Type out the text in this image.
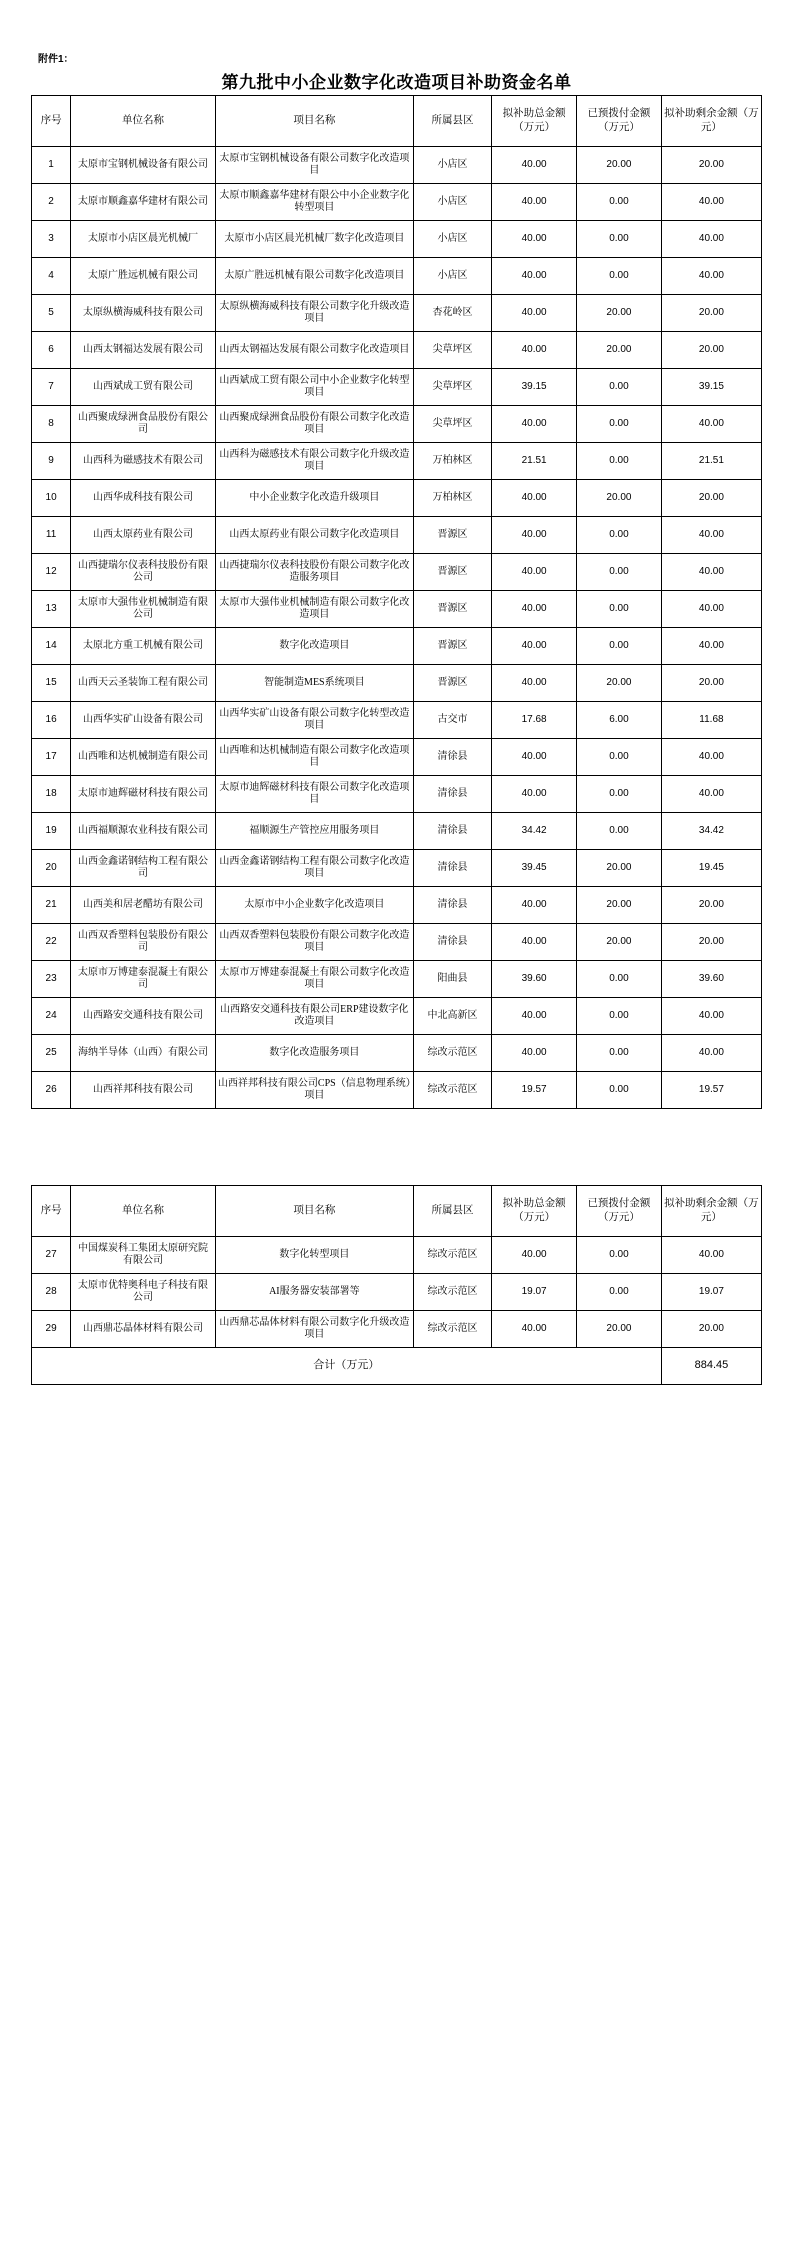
附件1：
第九批中小企业数字化改造项目补助资金名单
序号	单位名称	项目名称	所属县区	拟补助总金额（万元）	已预拨付金额（万元）	拟补助剩余金额（万元）
1	太原市宝钢机械设备有限公司	太原市宝钢机械设备有限公司数字化改造项目	小店区	40.00	20.00	20.00
2	太原市顺鑫嘉华建材有限公司	太原市顺鑫嘉华建材有限公中小企业数字化转型项目	小店区	40.00	0.00	40.00
3	太原市小店区晨光机械厂	太原市小店区晨光机械厂数字化改造项目	小店区	40.00	0.00	40.00
4	太原广胜远机械有限公司	太原广胜远机械有限公司数字化改造项目	小店区	40.00	0.00	40.00
5	太原纵横海威科技有限公司	太原纵横海威科技有限公司数字化升级改造项目	杏花岭区	40.00	20.00	20.00
6	山西太钢福达发展有限公司	山西太钢福达发展有限公司数字化改造项目	尖草坪区	40.00	20.00	20.00
7	山西斌成工贸有限公司	山西斌成工贸有限公司中小企业数字化转型项目	尖草坪区	39.15	0.00	39.15
8	山西聚成绿洲食品股份有限公司	山西聚成绿洲食品股份有限公司数字化改造项目	尖草坪区	40.00	0.00	40.00
9	山西科为磁感技术有限公司	山西科为磁感技术有限公司数字化升级改造项目	万柏林区	21.51	0.00	21.51
10	山西华成科技有限公司	中小企业数字化改造升级项目	万柏林区	40.00	20.00	20.00
11	山西太原药业有限公司	山西太原药业有限公司数字化改造项目	晋源区	40.00	0.00	40.00
12	山西捷瑞尔仪表科技股份有限公司	山西捷瑞尔仪表科技股份有限公司数字化改造服务项目	晋源区	40.00	0.00	40.00
13	太原市大强伟业机械制造有限公司	太原市大强伟业机械制造有限公司数字化改造项目	晋源区	40.00	0.00	40.00
14	太原北方重工机械有限公司	数字化改造项目	晋源区	40.00	0.00	40.00
15	山西天云圣装饰工程有限公司	智能制造MES系统项目	晋源区	40.00	20.00	20.00
16	山西华实矿山设备有限公司	山西华实矿山设备有限公司数字化转型改造项目	古交市	17.68	6.00	11.68
17	山西唯和达机械制造有限公司	山西唯和达机械制造有限公司数字化改造项目	清徐县	40.00	0.00	40.00
18	太原市迪辉磁材科技有限公司	太原市迪辉磁材科技有限公司数字化改造项目	清徐县	40.00	0.00	40.00
19	山西福顺源农业科技有限公司	福顺源生产管控应用服务项目	清徐县	34.42	0.00	34.42
20	山西金鑫诺钢结构工程有限公司	山西金鑫诺钢结构工程有限公司数字化改造项目	清徐县	39.45	20.00	19.45
21	山西美和居老醋坊有限公司	太原市中小企业数字化改造项目	清徐县	40.00	20.00	20.00
22	山西双香塑料包装股份有限公司	山西双香塑料包装股份有限公司数字化改造项目	清徐县	40.00	20.00	20.00
23	太原市万博建泰混凝土有限公司	太原市万博建泰混凝土有限公司数字化改造项目	阳曲县	39.60	0.00	39.60
24	山西路安交通科技有限公司	山西路安交通科技有限公司ERP建设数字化改造项目	中北高新区	40.00	0.00	40.00
25	海纳半导体（山西）有限公司	数字化改造服务项目	综改示范区	40.00	0.00	40.00
26	山西祥邦科技有限公司	山西祥邦科技有限公司CPS（信息物理系统）项目	综改示范区	19.57	0.00	19.57
序号	单位名称	项目名称	所属县区	拟补助总金额（万元）	已预拨付金额（万元）	拟补助剩余金额（万元）
27	中国煤炭科工集团太原研究院有限公司	数字化转型项目	综改示范区	40.00	0.00	40.00
28	太原市优特奥科电子科技有限公司	AI服务器安装部署等	综改示范区	19.07	0.00	19.07
29	山西鼎芯晶体材料有限公司	山西鼎芯晶体材料有限公司数字化升级改造项目	综改示范区	40.00	20.00	20.00
合计（万元）						884.45
